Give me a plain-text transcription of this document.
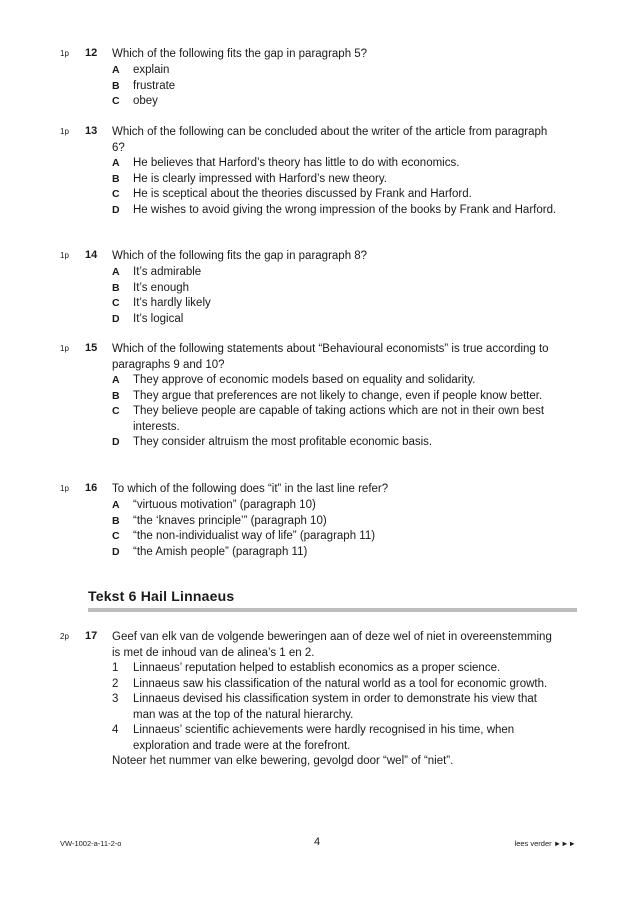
1p 12 Which of the following fits the gap in paragraph 5?
A explain
B frustrate
C obey
1p 13 Which of the following can be concluded about the writer of the article from paragraph 6?
A He believes that Harford’s theory has little to do with economics.
B He is clearly impressed with Harford’s new theory.
C He is sceptical about the theories discussed by Frank and Harford.
D He wishes to avoid giving the wrong impression of the books by Frank and Harford.
1p 14 Which of the following fits the gap in paragraph 8?
A It’s admirable
B It’s enough
C It’s hardly likely
D It’s logical
1p 15 Which of the following statements about “Behavioural economists” is true according to paragraphs 9 and 10?
A They approve of economic models based on equality and solidarity.
B They argue that preferences are not likely to change, even if people know better.
C They believe people are capable of taking actions which are not in their own best interests.
D They consider altruism the most profitable economic basis.
1p 16 To which of the following does “it” in the last line refer?
A “virtuous motivation” (paragraph 10)
B “the ‘knaves principle’” (paragraph 10)
C “the non-individualist way of life” (paragraph 11)
D “the Amish people” (paragraph 11)
Tekst 6 Hail Linnaeus
2p 17 Geef van elk van de volgende beweringen aan of deze wel of niet in overeenstemming is met de inhoud van de alinea’s 1 en 2.
1 Linnaeus’ reputation helped to establish economics as a proper science.
2 Linnaeus saw his classification of the natural world as a tool for economic growth.
3 Linnaeus devised his classification system in order to demonstrate his view that man was at the top of the natural hierarchy.
4 Linnaeus’ scientific achievements were hardly recognised in his time, when exploration and trade were at the forefront.
Noteer het nummer van elke bewering, gevolgd door “wel” of “niet”.
VW-1002-a-11-2-o	4	lees verder ►►►
